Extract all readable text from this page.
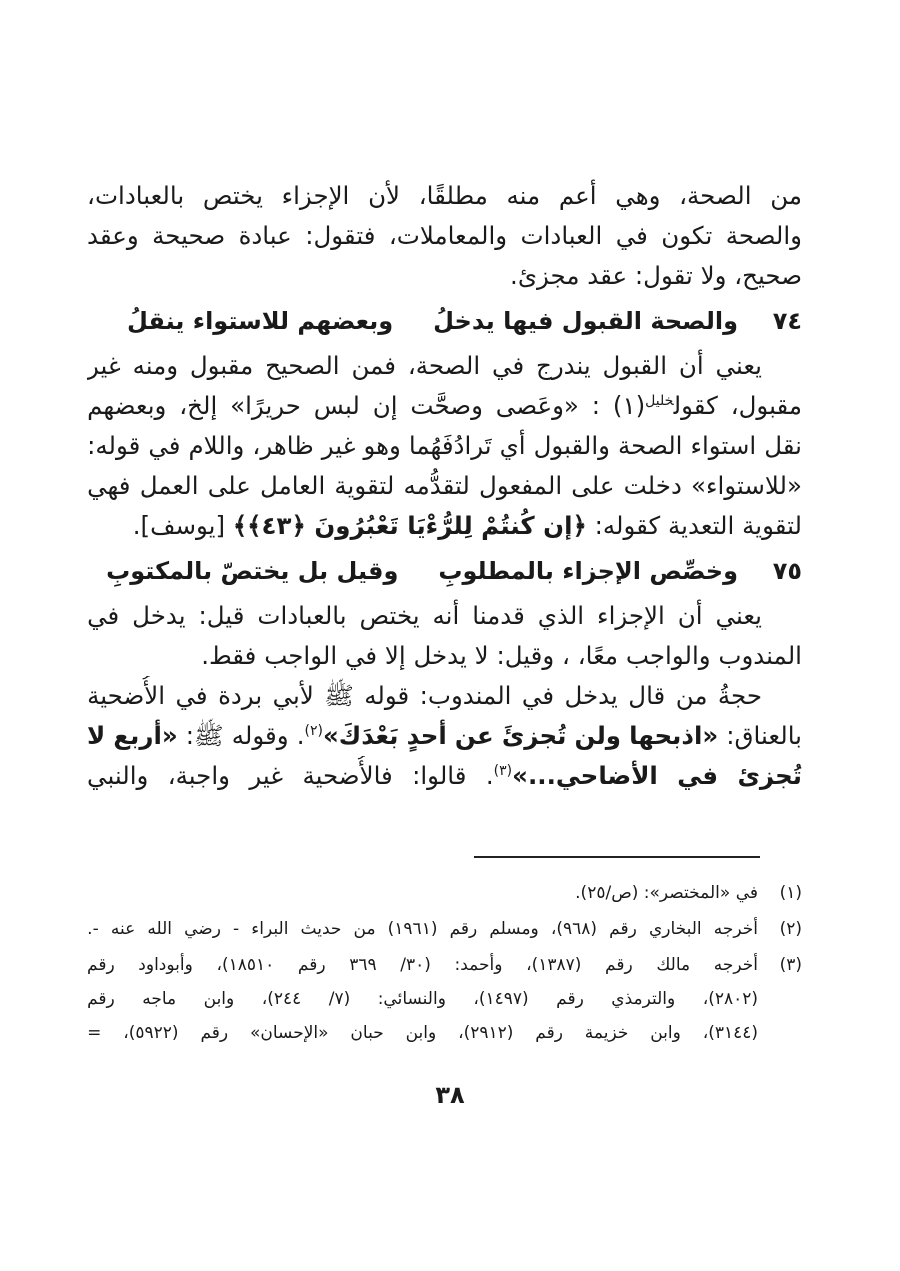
من
الصحة،
وهي
أعم
منه
مطلقًا،
لأن
الإجزاء
يختص
بالعبادات،
والصحة
تكون
في
العبادات
والمعاملات،
فتقول:
عبادة
صحيحة
وعقد
صحيح،

ولا

تقول:

عقد

مجزئ.
٧٤
والصحة القبول فيها يدخلُ
وبعضهم للاستواء ينقلُ
يعني
أن
القبول
يندرج
في
الصحة،
فمن
الصحيح
مقبول
ومنه
غير
مقبول،
كقول$^{خليل}$(١)
:
«وعَصى
وصحَّت
إن
لبس
حريرًا»
إلخ،
وبعضهم
نقل
استواء
الصحة
والقبول
أي
تَرادُفَهُما
وهو
غير
ظاهر،
واللام
في
قوله:
«للاستواء»
دخلت
على
المفعول
لتقدُّمه
لتقوية
العامل
على
العمل
فهي
لتقوية

التعدية

كقوله:

﴿إن كُنتُمْ لِلرُّءْيَا تَعْبُرُونَ ﴿٤٣﴾﴾

[يوسف].
٧٥
وخصِّص الإجزاء بالمطلوبِ
وقيل بل يختصّ بالمكتوبِ
يعني
أن
الإجزاء
الذي
قدمنا
أنه
يختص
بالعبادات
قيل:
يدخل
في
المندوب

والواجب

معًا،

،

وقيل:

لا

يدخل

إلا

في

الواجب

فقط.
حجةُ
من
قال
يدخل
في
المندوب:
قوله
ﷺ
لأبي
بردة
في
الأُضحية
بالعناق:
«اذبحها
ولن
تُجزئَ
عن
أحدٍ
بَعْدَكَ»$^{(٢)}$.
وقوله
ﷺ:
«أربع
لا
تُجزئ
في
الأضاحي...»$^{(٣)}$.
قالوا:
فالأُضحية
غير
واجبة،
والنبي
(١)
في

«المختصر»:

(ص/
٢٥).
(٢)
أخرجه
البخاري
رقم
(٩٦٨)،
ومسلم
رقم
(١٩٦١)
من
حديث
البراء
-
رضي
الله
عنه
-.
(٣)
أخرجه
مالك
رقم
(١٣٨٧)،
وأحمد:
(٣٠/
٣٦٩
رقم
١٨٥١٠)،
وأبوداود
رقم
(٢٨٠٢)،
والترمذي
رقم
(١٤٩٧)،
والنسائي:
(٧/
٢٤٤)،
وابن
ماجه
رقم
(٣١٤٤)،
وابن
خزيمة
رقم
(٢٩١٢)،
وابن
حبان
«الإحسان»
رقم
(٥٩٢٢)،
=
٣٨
